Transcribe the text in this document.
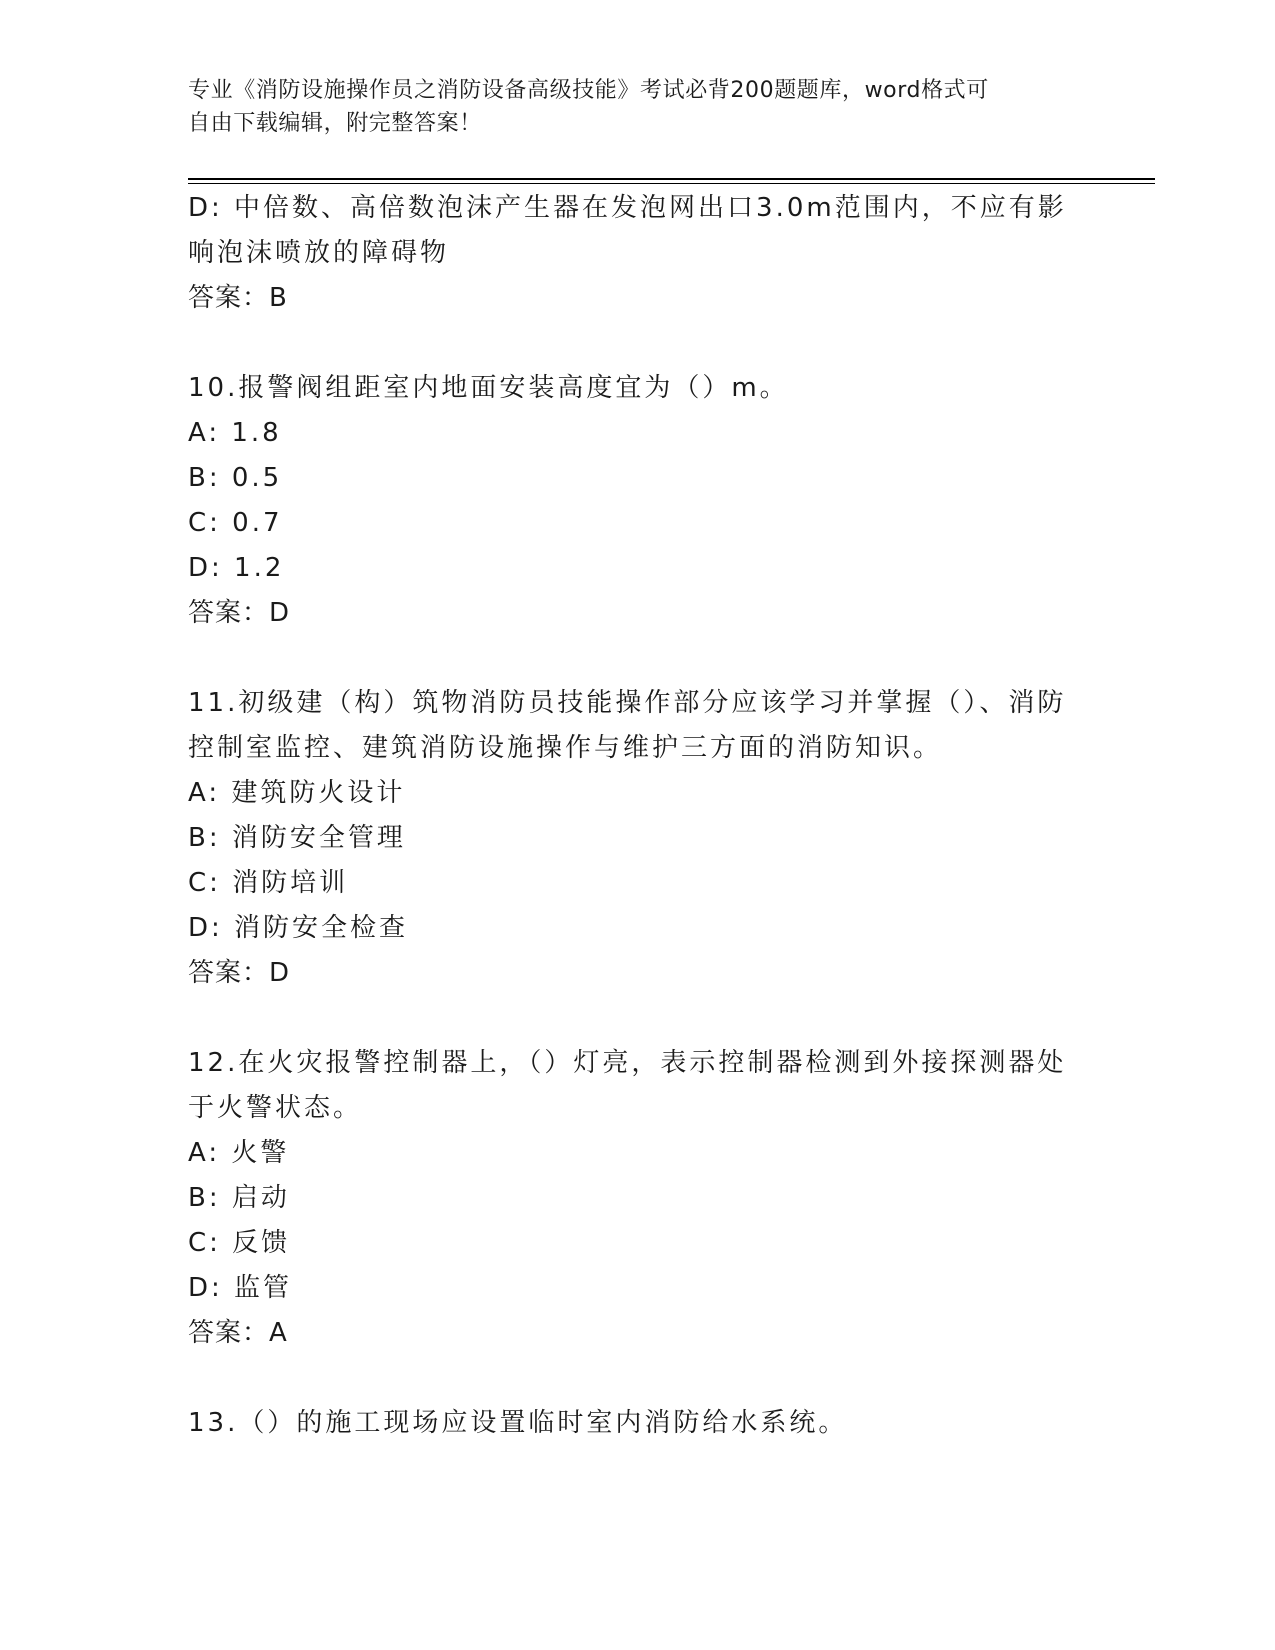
专业《消防设施操作员之消防设备高级技能》考试必背200题题库，word格式可
自由下载编辑，附完整答案！
D: 中倍数、高倍数泡沫产生器在发泡网出口3.0m范围内，不应有影
响泡沫喷放的障碍物
答案：B
10.报警阀组距室内地面安装高度宜为（）m。
A: 1.8
B: 0.5
C: 0.7
D: 1.2
答案：D
11.初级建（构）筑物消防员技能操作部分应该学习并掌握（）、消防
控制室监控、建筑消防设施操作与维护三方面的消防知识。
A: 建筑防火设计
B: 消防安全管理
C: 消防培训
D: 消防安全检查
答案：D
12.在火灾报警控制器上，（）灯亮，表示控制器检测到外接探测器处
于火警状态。
A: 火警
B: 启动
C: 反馈
D: 监管
答案：A
13.（）的施工现场应设置临时室内消防给水系统。
